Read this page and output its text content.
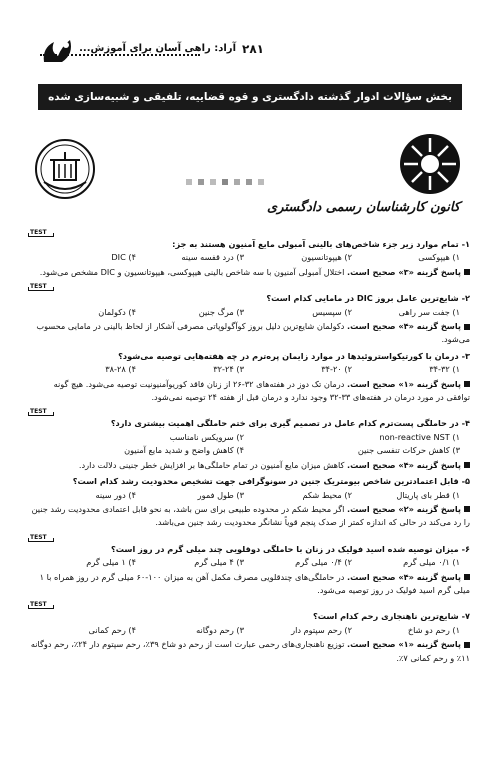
۲۸۱
آراد: راهی آسان برای آموزش...
بخش سؤالات ادوار گذشته دادگستری و قوه قضاییه، تلفیقی و شبیه‌سازی شده
کانون کارشناسان رسمی دادگستری
TEST
۱- تمام موارد زیر جزء شاخص‌های بالینی آمبولی مایع آمنیون هستند به جز:
۱) هیپوکسی
۲) هیپوتانسیون
۳) درد قفسه سینه
۴) DIC
پاسخ گزینه «۳» صحیح است. اختلال آمبولی آمنیون با سه شاخص بالینی هیپوکسی، هیپوتانسیون و DIC مشخص می‌شود.
TEST
۲- شایع‌ترین عامل بروز DIC در مامایی کدام است؟
۱) جفت سر راهی
۲) سپسیس
۳) مرگ جنین
۴) دکولمان
پاسخ گزینه «۴» صحیح است. دکولمان شایع‌ترین دلیل بروز کوآگولوپاتی مصرفی آشکار از لحاظ بالینی در مامایی محسوب می‌شود.
۳- درمان با کورتیکواستروئیدها در موارد زایمان پره‌ترم در چه هفته‌هایی توصیه می‌شود؟
۱) ۳۴-۳۲
۲) ۳۴-۲۰
۳) ۳۲-۲۴
۴) ۳۸-۲۸
پاسخ گزینه «۱» صحیح است. درمان تک دوز در هفته‌های ۳۲-۲۶ از زنان فاقد کوریوآمنیونیت توصیه می‌شود. هیچ گونه توافقی در مورد درمان در هفته‌های ۳۳-۳۲ وجود ندارد و درمان قبل از هفته ۲۴ توصیه نمی‌شود.
TEST
۴- در حاملگی پست‌ترم کدام عامل در تصمیم گیری برای ختم حاملگی اهمیت بیشتری دارد؟
۱) non-reactive NST
۲) سرویکس نامناسب
۳) کاهش حرکات تنفسی جنین
۴) کاهش واضح و شدید مایع آمنیون
پاسخ گزینه «۴» صحیح است. کاهش میزان مایع آمنیون در تمام حاملگی‌ها بر افزایش خطر جنینی دلالت دارد.
۵- قابل اعتمادترین شاخص بیومتریک جنین در سونوگرافی جهت تشخیص محدودیت رشد کدام است؟
۱) قطر بای پاریتال
۲) محیط شکم
۳) طول فمور
۴) دور سینه
پاسخ گزینه «۲» صحیح است. اگر محیط شکم در محدوده طبیعی برای سن باشد، به نحو قابل اعتمادی محدودیت رشد جنین را رد می‌کند در حالی که اندازه کمتر از صدک پنجم قویاً نشانگر محدودیت رشد جنین می‌باشد.
TEST
۶- میزان توصیه شده اسید فولیک در زنان با حاملگی دوقلویی چند میلی گرم در روز است؟
۱) ۰/۱ میلی گرم
۲) ۰/۴ میلی گرم
۳) ۴ میلی گرم
۴) ۱ میلی گرم
پاسخ گزینه «۴» صحیح است. در حاملگی‌های چندقلویی مصرف مکمل آهن به میزان ۱۰۰-۶۰ میلی گرم در روز همراه با ۱ میلی گرم اسید فولیک در روز توصیه می‌شود.
TEST
۷- شایع‌ترین ناهنجاری رحم کدام است؟
۱) رحم دو شاخ
۲) رحم سپتوم دار
۳) رحم دوگانه
۴) رحم کمانی
پاسخ گزینه «۱» صحیح است. توزیع ناهنجاری‌های رحمی عبارت است از رحم دو شاخ ۳۹٪، رحم سپتوم دار ۲۴٪، رحم دوگانه ۱۱٪ و رحم کمانی ۷٪.
